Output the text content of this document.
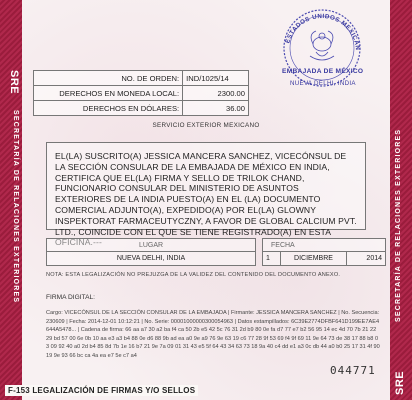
SRE
SECRETARÍA DE RELACIONES EXTERIORES
SRE
SECRETARÍA DE RELACIONES EXTERIORES
ESTADOS UNIDOS MEXICAN
EMBAJADA DE MÉXICO
NUEVA DELHI, INDIA
NO. DE ORDEN:	IND/1025/14
DERECHOS EN MONEDA LOCAL:	2300.00
DERECHOS EN DÓLARES:	36.00
SERVICIO EXTERIOR MEXICANO
EL(LA) SUSCRITO(A) JESSICA MANCERA SANCHEZ, VICECÓNSUL DE LA SECCIÓN CONSULAR DE LA EMBAJADA DE MÉXICO EN INDIA, CERTIFICA QUE EL(LA) FIRMA Y SELLO DE TRILOK CHAND, FUNCIONARIO CONSULAR DEL MINISTERIO DE ASUNTOS EXTERIORES DE LA INDIA PUESTO(A) EN EL (LA) DOCUMENTO COMERCIAL ADJUNTO(A), EXPEDIDO(A) POR EL(LA) GLOWNY INSPEKTORAT FARMACEUTYCZNY, A FAVOR DE GLOBAL CALCIUM PVT. LTD., COINCIDE CON EL QUE SE TIENE REGISTRADO(A) EN ESTA OFICINA.---	LUGAR
NUEVA DELHI, INDIA
FECHA
1	DICIEMBRE	2014
NOTA: ESTA LEGALIZACIÓN NO PREJUZGA DE LA VALIDEZ DEL CONTENIDO DEL DOCUMENTO ANEXO.
FIRMA DIGITAL:
Cargo: VICECÓNSUL DE LA SECCIÓN CONSULAR DE LA EMBAJADA | Firmante: JESSICA MANCERA SANCHEZ | No. Secuencia: 230609 | Fecha: 2014-12-01 10:12:21 | No. Serie: 00001000000300054963 | Datos estampillados: 6C39E2774DFBF641D199EE7AE4644A5478... | Cadena de firma: 66 aa a7 30 a2 ba f4 ca 50 2b e5 42 5c 76 31 2d b9 80 0e fa d7 77 e7 b2 56 95 14 ec 4d 70 7b 21 22 29 bd 57 00 6e 0b 10 aa e3 a3 b4 88 0e d6 88 9b ad ea a0 9e a9 76 9e 63 19 c6 77 28 9f 53 69 f4 9f 69 11 9e 64 73 de 38 17 88 b8 03 09 92 40 a0 2d b4 85 8d 7b 1e 16 b7 21 9e 7a 09 01 31 43 e5 5f 64 43 34 63 73 18 9a 40 c4 dd e1 a3 0c db 44 a0 b0 25 17 31 4f 90 19 9e 93 66 bc ca 4a ea e7 5e c7 a4
044771
F-153 LEGALIZACIÓN DE FIRMAS Y/O SELLOS
